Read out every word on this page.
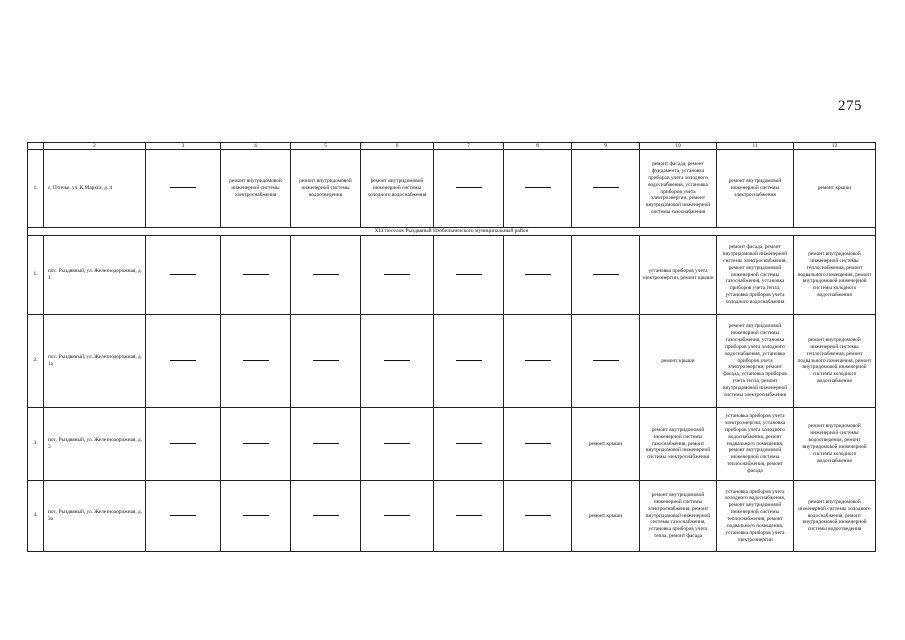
275
	2	3	4	5	6	7	8	9	10	11	12
1.	с. Птичье, ул. К.Маркса, д. 4		ремонт внутридомовой инженерной системы электроснабжения	ремонт внутридомовой инженерной системы водоотведения	ремонт внутридомовой инженерной системы холодного водоснабжения				ремонт фасада, ремонт фундамента, установка приборов учета холодного водоснабжения, установка приборов учета электроэнергии, ремонт внутридомовой инженерной системы газоснабжения	ремонт внутридомовой инженерной системы электроснабжения	ремонт крыши
XLI поселок Рыздвяный Изобильненского муниципальный район											
1.	пос. Рыздвяный, ул. Железнодорожная, д. 1								установка приборов учета электроэнергии, ремонт крыши	ремонт фасада, ремонт внутридомовой инженерной системы электроснабжения, ремонт внутридомовой инженерной системы газоснабжения, установка приборов учета тепла, установка приборов учета холодного водоснабжения	ремонт внутридомовой инженерной системы теплоснабжения, ремонт подвального помещения, ремонт внутридомовой инженерной системы холодного водоснабжения
2.	пос. Рыздвяный, ул. Железнодорожная, д. 1а								ремонт крыши	ремонт внутридомовой инженерной системы газоснабжения, установка приборов учета холодного водоснабжения, установка приборов учета электроэнергии, ремонт фасада, установка приборов учета тепла, ремонт внутридомовой инженерной системы электроснабжения	ремонт внутридомовой инженерной системы теплоснабжения, ремонт подвального помещения, ремонт внутридомовой инженерной системы холодного водоснабжения
3.	пос. Рыздвяный, ул. Железнодорожная, д. 3							ремонт крыши	ремонт внутридомовой инженерной системы газоснабжения, ремонт внутридомовой инженерной системы электроснабжения	установка приборов учета электроэнергии, установка приборов учета холодного водоснабжения, ремонт подвального помещения, ремонт внутридомовой инженерной системы теплоснабжения, ремонт фасада	ремонт внутридомовой инженерной системы водоотведения, ремонт внутридомовой инженерной системы холодного водоснабжения
4.	пос. Рыздвяный, ул. Железнодорожная, д. 3а							ремонт крыши	ремонт внутридомовой инженерной системы электроснабжения, ремонт внутридомовой инженерной системы газоснабжения, установка приборов учета тепла, ремонт фасада	установка приборов учета холодного водоснабжения, ремонт внутридомовой инженерной системы теплоснабжения, ремонт подвального помещения, установка приборов учета электроэнергии	ремонт внутридомовой инженерной системы холодного водоснабжения, ремонт внутридомовой инженерной системы водоотведения
